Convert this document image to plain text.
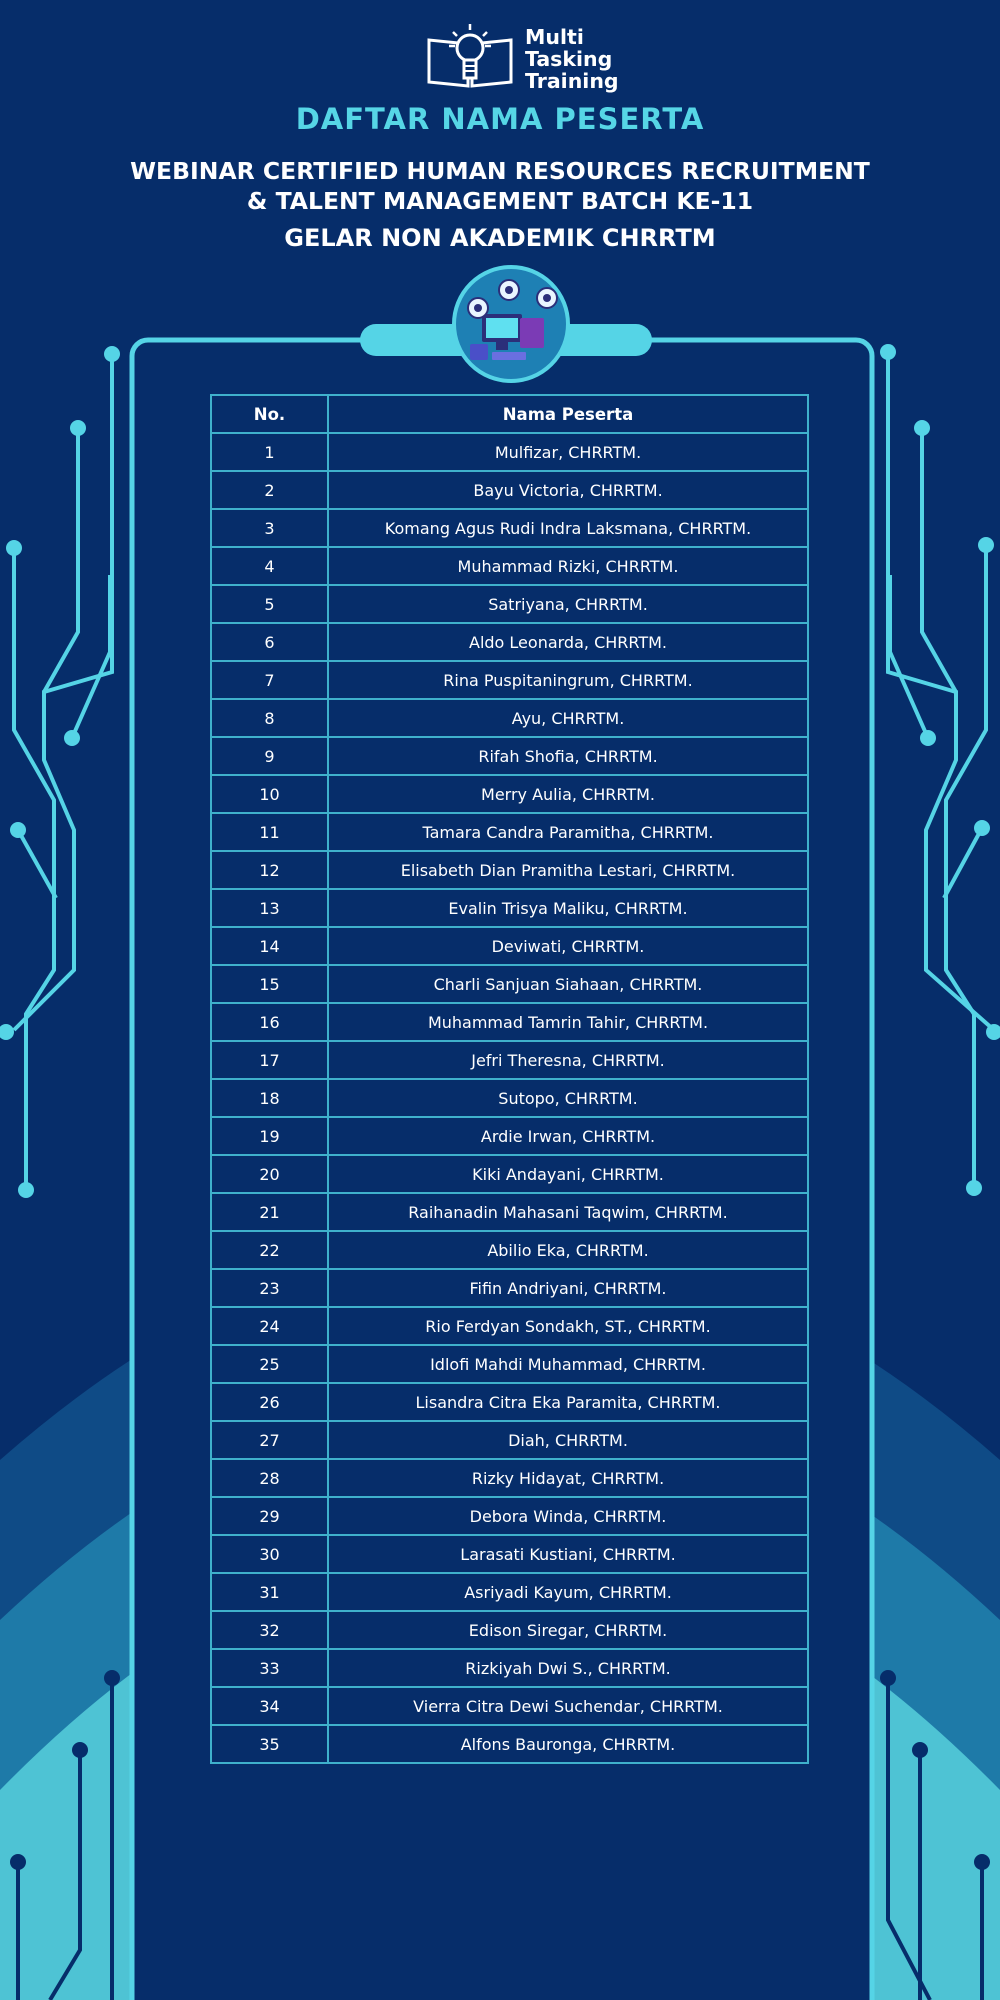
Multi
Tasking
Training
DAFTAR NAMA PESERTA
WEBINAR CERTIFIED HUMAN RESOURCES RECRUITMENT
& TALENT MANAGEMENT BATCH KE-11
GELAR NON AKADEMIK CHRRTM
No.	Nama Peserta
1	Mulfizar, CHRRTM.
2	Bayu Victoria, CHRRTM.
3	Komang Agus Rudi Indra Laksmana, CHRRTM.
4	Muhammad Rizki, CHRRTM.
5	Satriyana, CHRRTM.
6	Aldo Leonarda, CHRRTM.
7	Rina Puspitaningrum, CHRRTM.
8	Ayu, CHRRTM.
9	Rifah Shofia, CHRRTM.
10	Merry Aulia, CHRRTM.
11	Tamara Candra Paramitha, CHRRTM.
12	Elisabeth Dian Pramitha Lestari, CHRRTM.
13	Evalin Trisya Maliku, CHRRTM.
14	Deviwati, CHRRTM.
15	Charli Sanjuan Siahaan, CHRRTM.
16	Muhammad Tamrin Tahir, CHRRTM.
17	Jefri Theresna, CHRRTM.
18	Sutopo, CHRRTM.
19	Ardie Irwan, CHRRTM.
20	Kiki Andayani, CHRRTM.
21	Raihanadin Mahasani Taqwim, CHRRTM.
22	Abilio Eka, CHRRTM.
23	Fifin Andriyani, CHRRTM.
24	Rio Ferdyan Sondakh, ST., CHRRTM.
25	Idlofi Mahdi Muhammad, CHRRTM.
26	Lisandra Citra Eka Paramita, CHRRTM.
27	Diah, CHRRTM.
28	Rizky Hidayat, CHRRTM.
29	Debora Winda, CHRRTM.
30	Larasati Kustiani, CHRRTM.
31	Asriyadi Kayum, CHRRTM.
32	Edison Siregar, CHRRTM.
33	Rizkiyah Dwi S., CHRRTM.
34	Vierra Citra Dewi Suchendar, CHRRTM.
35	Alfons Bauronga, CHRRTM.
